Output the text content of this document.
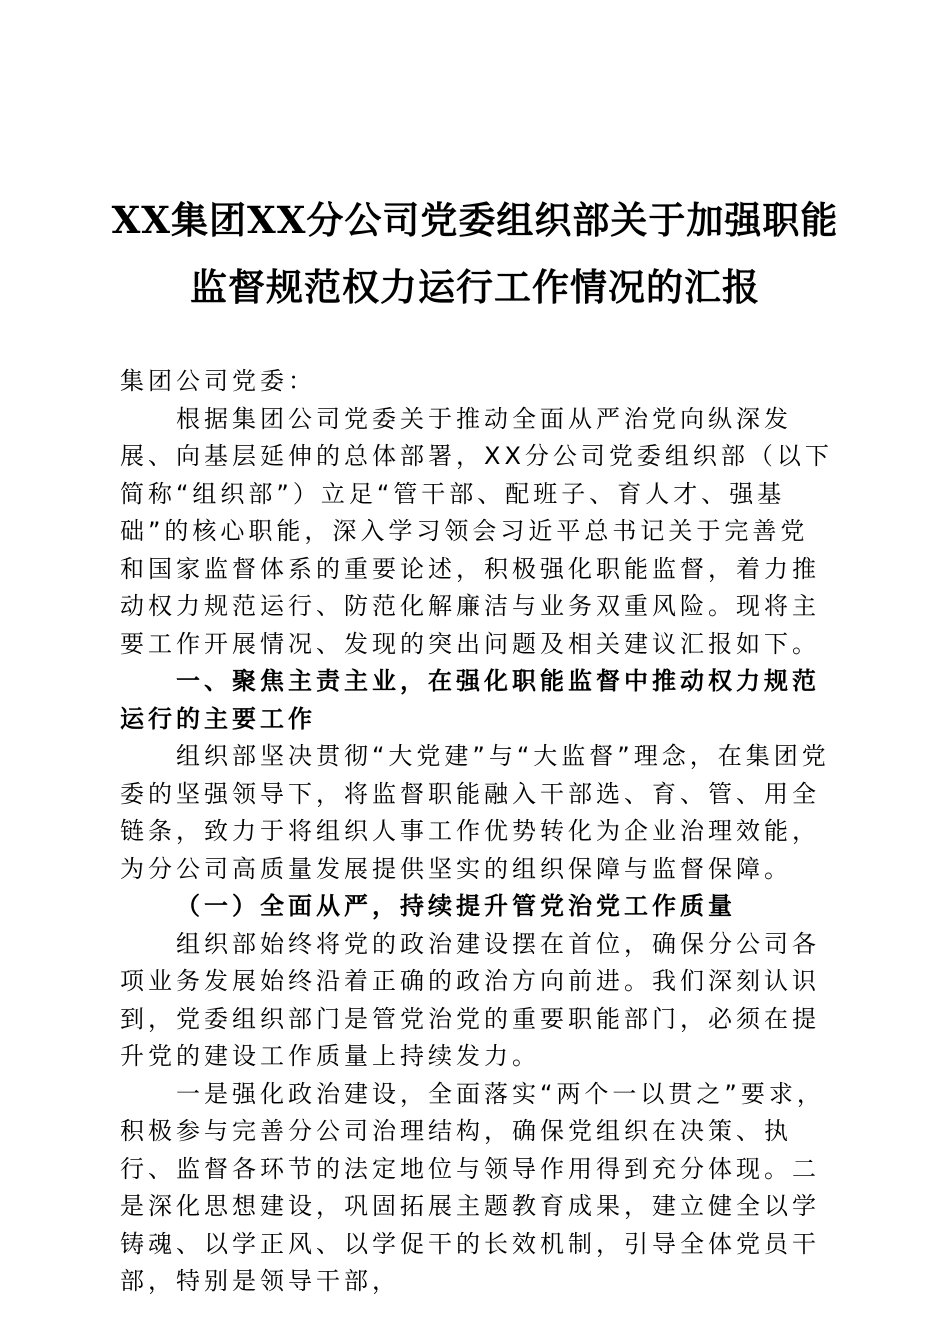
XX集团XX分公司党委组织部关于加强职能
监督规范权力运行工作情况的汇报

集团公司党委：

根据集团公司党委关于推动全面从严治党向纵深发展、向基层延伸的总体部署，XX分公司党委组织部（以下简称“组织部”）立足“管干部、配班子、育人才、强基础”的核心职能，深入学习领会习近平总书记关于完善党和国家监督体系的重要论述，积极强化职能监督，着力推动权力规范运行、防范化解廉洁与业务双重风险。现将主要工作开展情况、发现的突出问题及相关建议汇报如下。

一、聚焦主责主业，在强化职能监督中推动权力规范运行的主要工作

组织部坚决贯彻“大党建”与“大监督”理念，在集团党委的坚强领导下，将监督职能融入干部选、育、管、用全链条，致力于将组织人事工作优势转化为企业治理效能，为分公司高质量发展提供坚实的组织保障与监督保障。

（一）全面从严，持续提升管党治党工作质量

组织部始终将党的政治建设摆在首位，确保分公司各项业务发展始终沿着正确的政治方向前进。我们深刻认识到，党委组织部门是管党治党的重要职能部门，必须在提升党的建设工作质量上持续发力。

一是强化政治建设，全面落实“两个一以贯之”要求，积极参与完善分公司治理结构，确保党组织在决策、执行、监督各环节的法定地位与领导作用得到充分体现。二是深化思想建设，巩固拓展主题教育成果，建立健全以学铸魂、以学正风、以学促干的长效机制，引导全体党员干部，特别是领导干部，
